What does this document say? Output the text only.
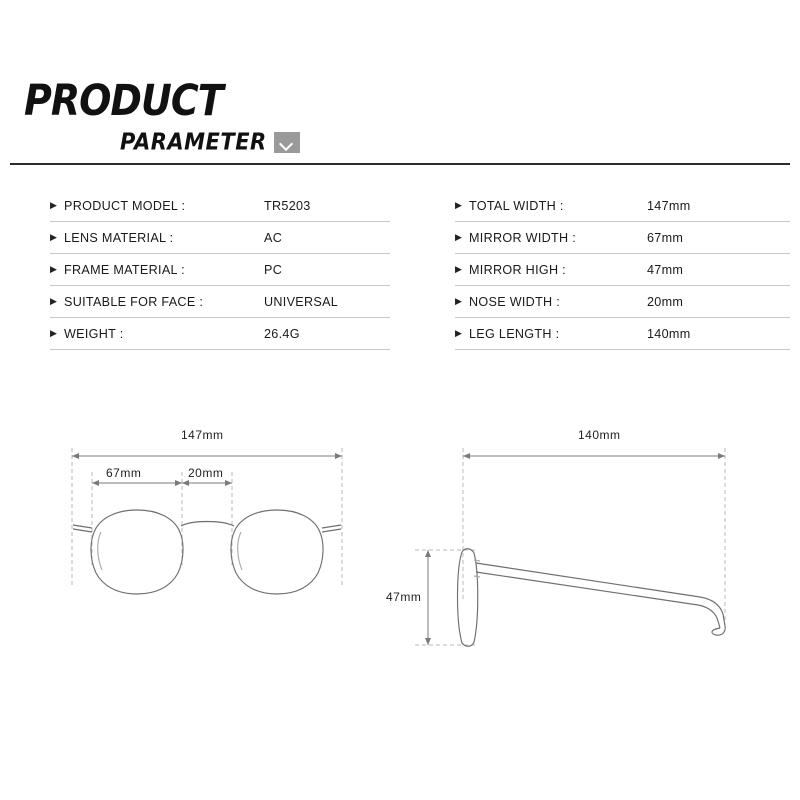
PRODUCT
PARAMETER
▶ PRODUCT MODEL :	TR5203
▶ LENS MATERIAL :	AC
▶ FRAME MATERIAL :	PC
▶ SUITABLE FOR FACE :	UNIVERSAL
▶ WEIGHT :	26.4G
▶ TOTAL WIDTH :	147mm
▶ MIRROR WIDTH :	67mm
▶ MIRROR HIGH :	47mm
▶ NOSE WIDTH :	20mm
▶ LEG LENGTH :	140mm
147mm
67mm	20mm
140mm
47mm
